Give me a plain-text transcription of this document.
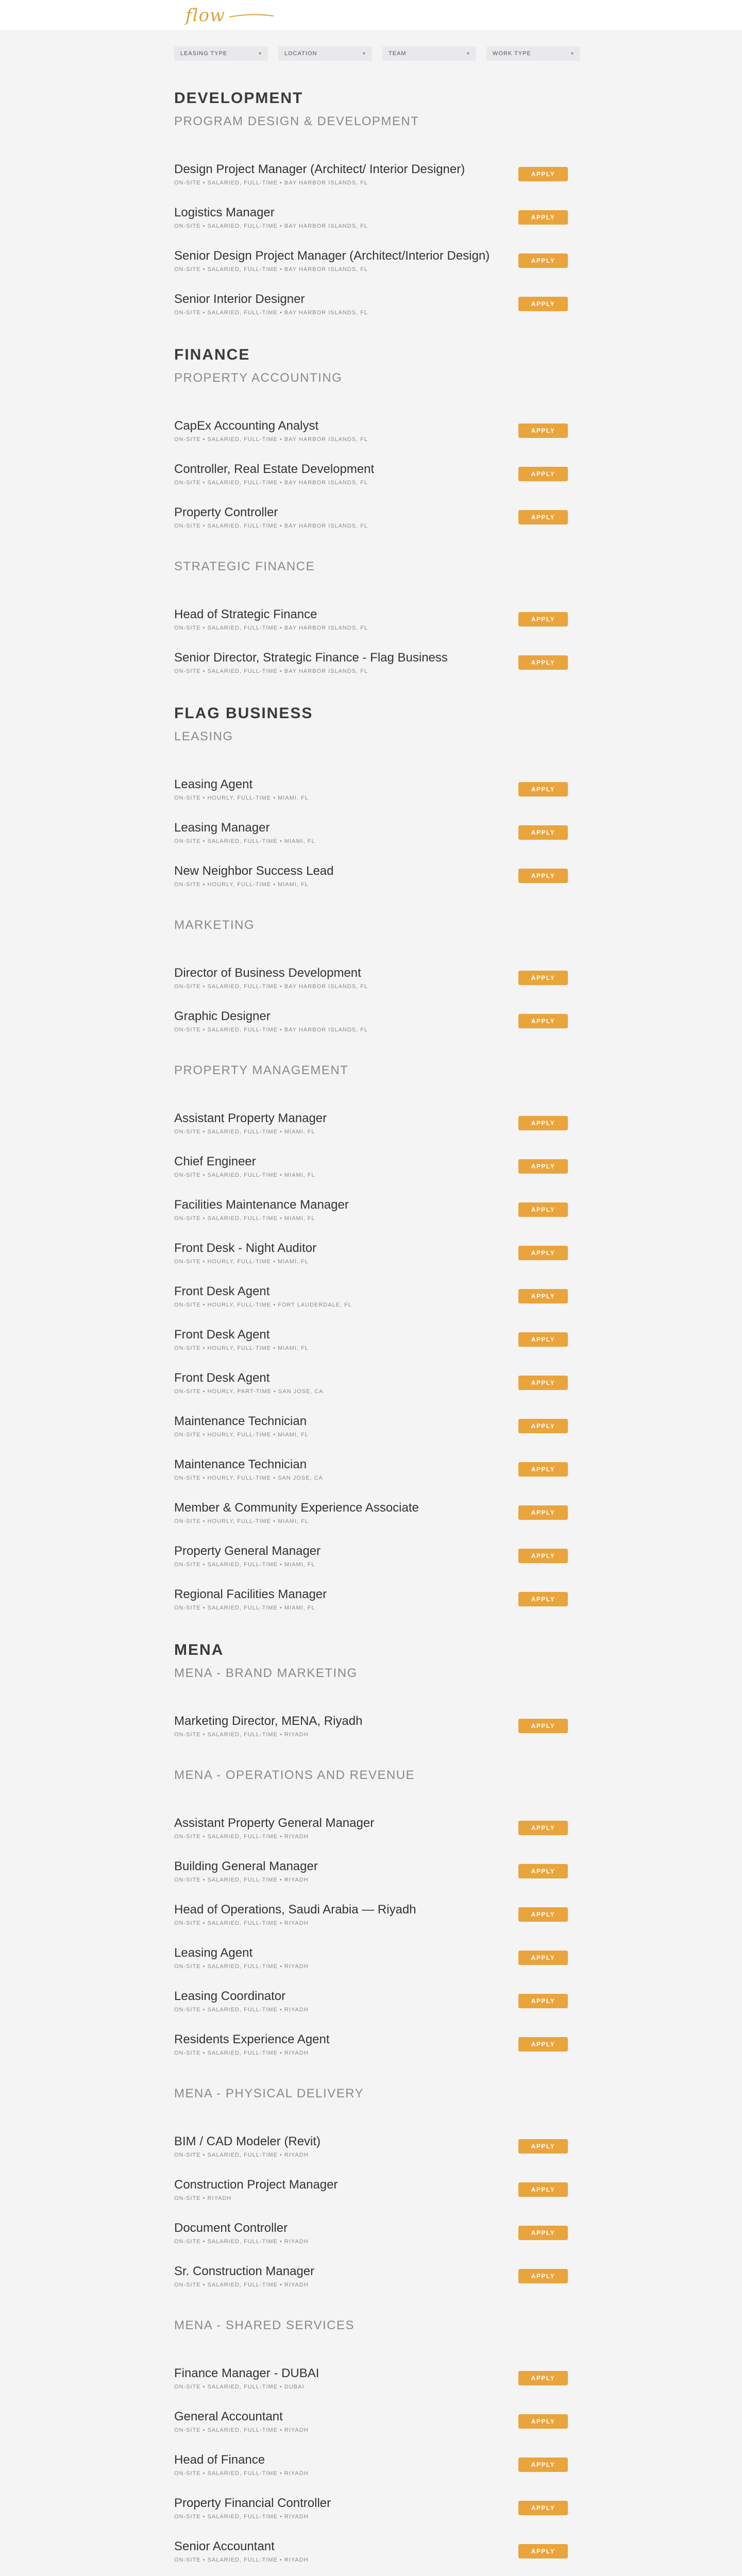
flow
LEASING TYPE	▾	LOCATION	▾	TEAM	▾	WORK TYPE	▾
DEVELOPMENT
PROGRAM DESIGN & DEVELOPMENT
Design Project Manager (Architect/ Interior Designer)
ON-SITE • SALARIED, FULL-TIME • BAY HARBOR ISLANDS, FL
APPLY
Logistics Manager
ON-SITE • SALARIED, FULL-TIME • BAY HARBOR ISLANDS, FL
APPLY
Senior Design Project Manager (Architect/Interior Design)
ON-SITE • SALARIED, FULL-TIME • BAY HARBOR ISLANDS, FL
APPLY
Senior Interior Designer
ON-SITE • SALARIED, FULL-TIME • BAY HARBOR ISLANDS, FL
APPLY
FINANCE
PROPERTY ACCOUNTING
CapEx Accounting Analyst
ON-SITE • SALARIED, FULL-TIME • BAY HARBOR ISLANDS, FL
APPLY
Controller, Real Estate Development
ON-SITE • SALARIED, FULL-TIME • BAY HARBOR ISLANDS, FL
APPLY
Property Controller
ON-SITE • SALARIED, FULL-TIME • BAY HARBOR ISLANDS, FL
APPLY
STRATEGIC FINANCE
Head of Strategic Finance
ON-SITE • SALARIED, FULL-TIME • BAY HARBOR ISLANDS, FL
APPLY
Senior Director, Strategic Finance - Flag Business
ON-SITE • SALARIED, FULL-TIME • BAY HARBOR ISLANDS, FL
APPLY
FLAG BUSINESS
LEASING
Leasing Agent
ON-SITE • HOURLY, FULL-TIME • MIAMI, FL
APPLY
Leasing Manager
ON-SITE • SALARIED, FULL-TIME • MIAMI, FL
APPLY
New Neighbor Success Lead
ON-SITE • HOURLY, FULL-TIME • MIAMI, FL
APPLY
MARKETING
Director of Business Development
ON-SITE • SALARIED, FULL-TIME • BAY HARBOR ISLANDS, FL
APPLY
Graphic Designer
ON-SITE • SALARIED, FULL-TIME • BAY HARBOR ISLANDS, FL
APPLY
PROPERTY MANAGEMENT
Assistant Property Manager
ON-SITE • SALARIED, FULL-TIME • MIAMI, FL
APPLY
Chief Engineer
ON-SITE • SALARIED, FULL-TIME • MIAMI, FL
APPLY
Facilities Maintenance Manager
ON-SITE • SALARIED, FULL-TIME • MIAMI, FL
APPLY
Front Desk - Night Auditor
ON-SITE • HOURLY, FULL-TIME • MIAMI, FL
APPLY
Front Desk Agent
ON-SITE • HOURLY, FULL-TIME • FORT LAUDERDALE, FL
APPLY
Front Desk Agent
ON-SITE • HOURLY, FULL-TIME • MIAMI, FL
APPLY
Front Desk Agent
ON-SITE • HOURLY, PART-TIME • SAN JOSE, CA
APPLY
Maintenance Technician
ON-SITE • HOURLY, FULL-TIME • MIAMI, FL
APPLY
Maintenance Technician
ON-SITE • HOURLY, FULL-TIME • SAN JOSE, CA
APPLY
Member & Community Experience Associate
ON-SITE • HOURLY, FULL-TIME • MIAMI, FL
APPLY
Property General Manager
ON-SITE • SALARIED, FULL-TIME • MIAMI, FL
APPLY
Regional Facilities Manager
ON-SITE • SALARIED, FULL-TIME • MIAMI, FL
APPLY
MENA
MENA - BRAND MARKETING
Marketing Director, MENA, Riyadh
ON-SITE • SALARIED, FULL-TIME • RIYADH
APPLY
MENA - OPERATIONS AND REVENUE
Assistant Property General Manager
ON-SITE • SALARIED, FULL-TIME • RIYADH
APPLY
Building General Manager
ON-SITE • SALARIED, FULL-TIME • RIYADH
APPLY
Head of Operations, Saudi Arabia — Riyadh
ON-SITE • SALARIED, FULL-TIME • RIYADH
APPLY
Leasing Agent
ON-SITE • SALARIED, FULL-TIME • RIYADH
APPLY
Leasing Coordinator
ON-SITE • SALARIED, FULL-TIME • RIYADH
APPLY
Residents Experience Agent
ON-SITE • SALARIED, FULL-TIME • RIYADH
APPLY
MENA - PHYSICAL DELIVERY
BIM / CAD Modeler (Revit)
ON-SITE • SALARIED, FULL-TIME • RIYADH
APPLY
Construction Project Manager
ON-SITE • RIYADH
APPLY
Document Controller
ON-SITE • SALARIED, FULL-TIME • RIYADH
APPLY
Sr. Construction Manager
ON-SITE • SALARIED, FULL-TIME • RIYADH
APPLY
MENA - SHARED SERVICES
Finance Manager - DUBAI
ON-SITE • SALARIED, FULL-TIME • DUBAI
APPLY
General Accountant
ON-SITE • SALARIED, FULL-TIME • RIYADH
APPLY
Head of Finance
ON-SITE • SALARIED, FULL-TIME • RIYADH
APPLY
Property Financial Controller
ON-SITE • SALARIED, FULL-TIME • RIYADH
APPLY
Senior Accountant
ON-SITE • SALARIED, FULL-TIME • RIYADH
APPLY
